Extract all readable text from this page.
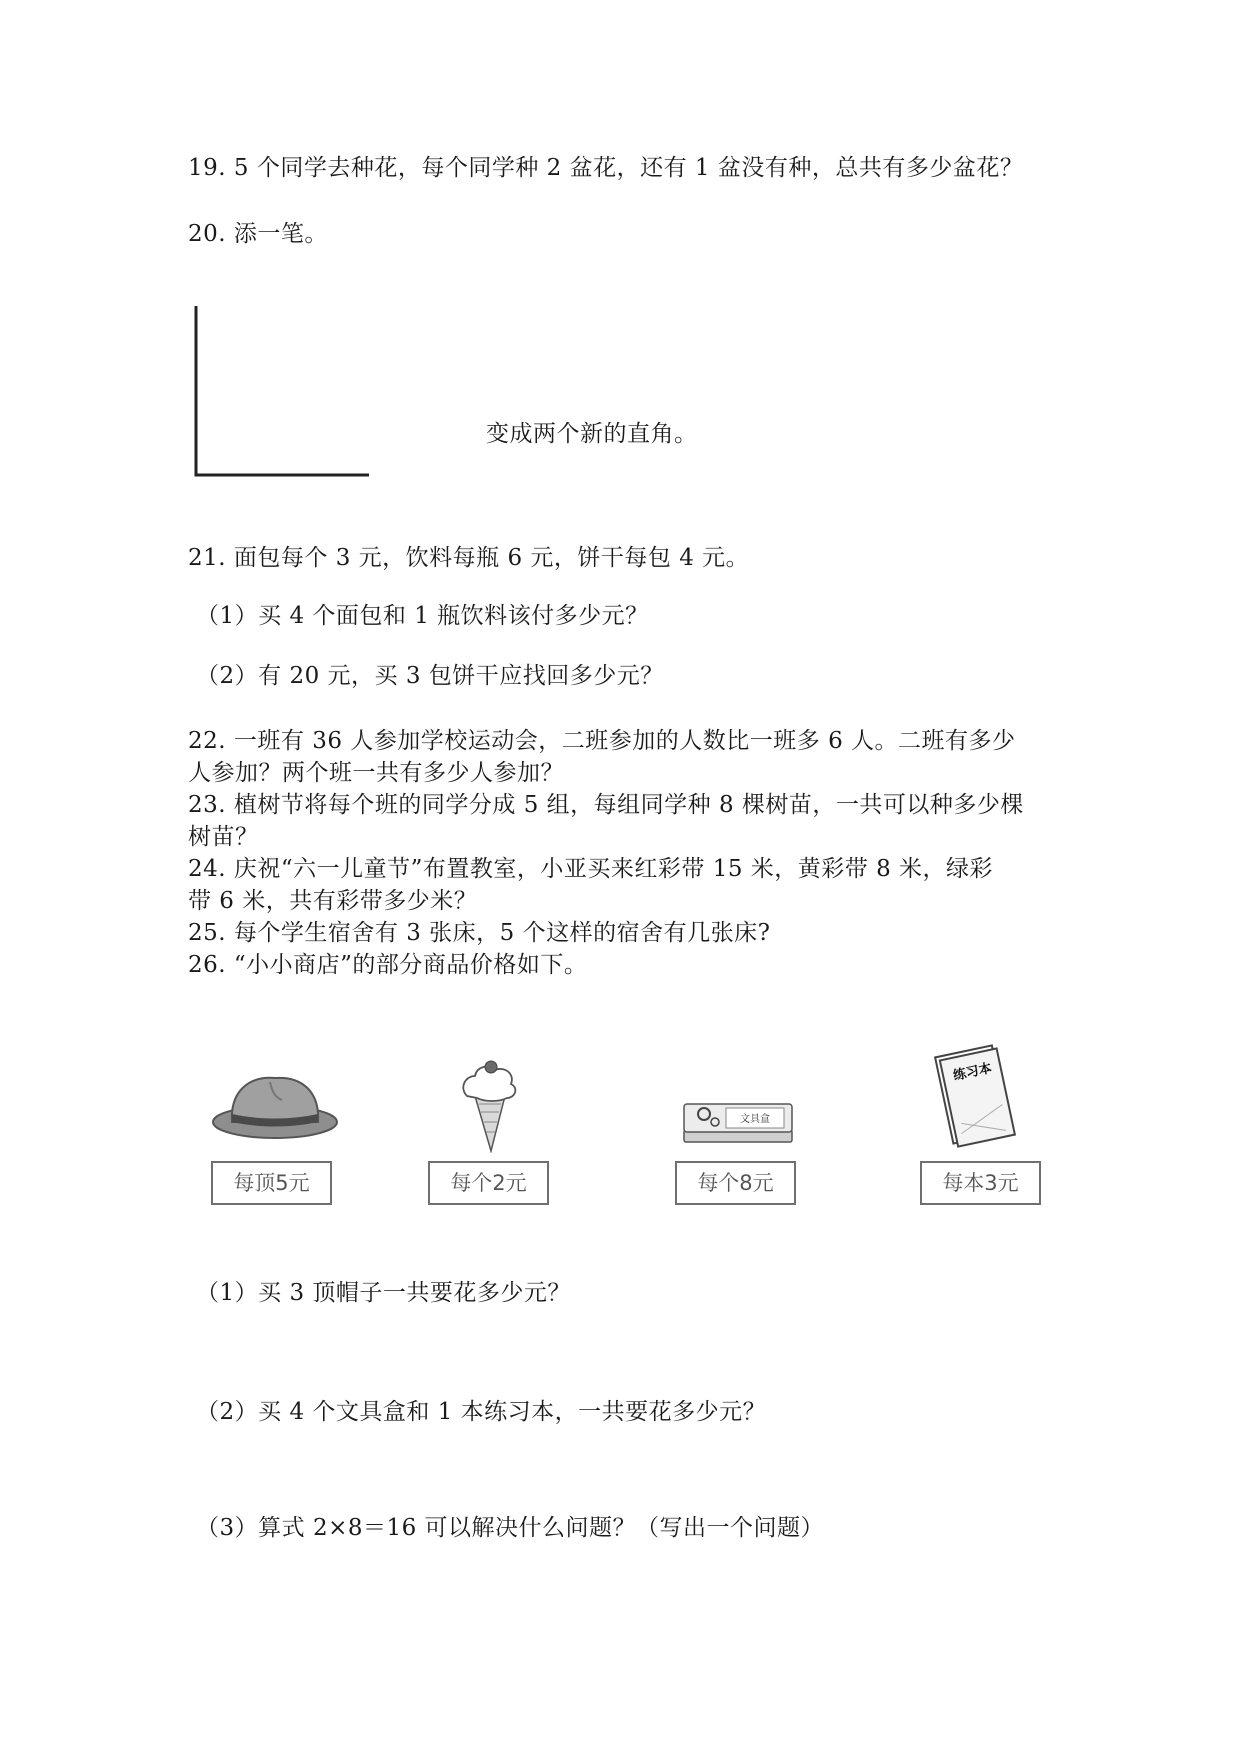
19. 5 个同学去种花，每个同学种 2 盆花，还有 1 盆没有种，总共有多少盆花？
20. 添一笔。
变成两个新的直角。
21. 面包每个 3 元，饮料每瓶 6 元，饼干每包 4 元。
（1）买 4 个面包和 1 瓶饮料该付多少元？
（2）有 20 元，买 3 包饼干应找回多少元？
22. 一班有 36 人参加学校运动会，二班参加的人数比一班多 6 人。二班有多少
人参加？两个班一共有多少人参加？
23. 植树节将每个班的同学分成 5 组，每组同学种 8 棵树苗，一共可以种多少棵
树苗？
24. 庆祝“六一儿童节”布置教室，小亚买来红彩带 15 米，黄彩带 8 米，绿彩
带 6 米，共有彩带多少米？
25. 每个学生宿舍有 3 张床，5 个这样的宿舍有几张床?
26. “小小商店”的部分商品价格如下。
文具盒
练习本
每顶5元	每个2元	每个8元	每本3元
（1）买 3 顶帽子一共要花多少元？
（2）买 4 个文具盒和 1 本练习本，一共要花多少元？
（3）算式 2×8＝16 可以解决什么问题？（写出一个问题）
